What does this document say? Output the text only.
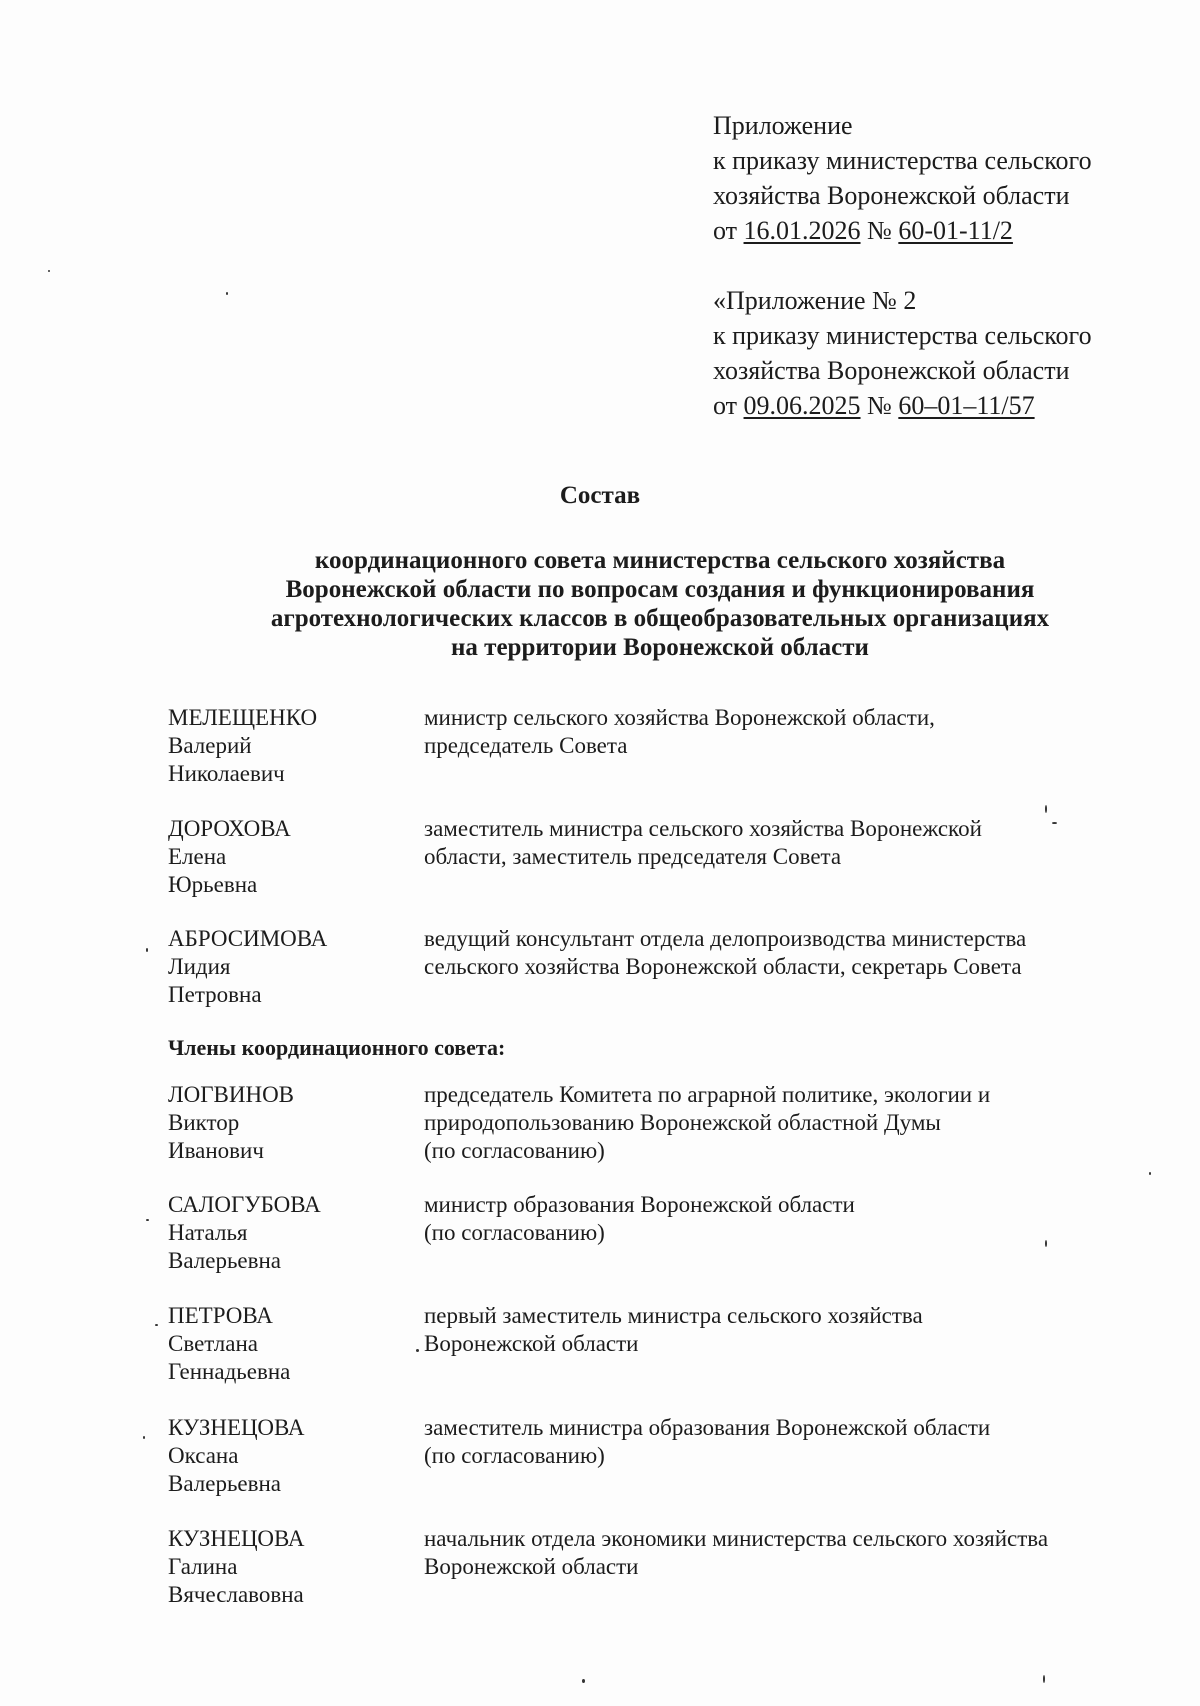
Приложение
к приказу министерства сельского
хозяйства Воронежской области
от 16.01.2026 № 60-01-11/2
«Приложение № 2
к приказу министерства сельского
хозяйства Воронежской области
от 09.06.2025 № 60–01–11/57
Состав
координационного совета министерства сельского хозяйства
Воронежской области по вопросам создания и функционирования
агротехнологических классов в общеобразовательных организациях
на территории Воронежской области
МЕЛЕЩЕНКО
Валерий
Николаевич
министр сельского хозяйства Воронежской области,
председатель Совета
ДОРОХОВА
Елена
Юрьевна
заместитель министра сельского хозяйства Воронежской
области, заместитель председателя Совета
АБРОСИМОВА
Лидия
Петровна
ведущий консультант отдела делопроизводства министерства
сельского хозяйства Воронежской области, секретарь Совета
Члены координационного совета:
ЛОГВИНОВ
Виктор
Иванович
председатель Комитета по аграрной политике, экологии и
природопользованию Воронежской областной Думы
(по согласованию)
САЛОГУБОВА
Наталья
Валерьевна
министр образования Воронежской области
(по согласованию)
ПЕТРОВА
Светлана
Геннадьевна
первый заместитель министра сельского хозяйства
Воронежской области
КУЗНЕЦОВА
Оксана
Валерьевна
заместитель министра образования Воронежской области
(по согласованию)
КУЗНЕЦОВА
Галина
Вячеславовна
начальник отдела экономики министерства сельского хозяйства
Воронежской области
